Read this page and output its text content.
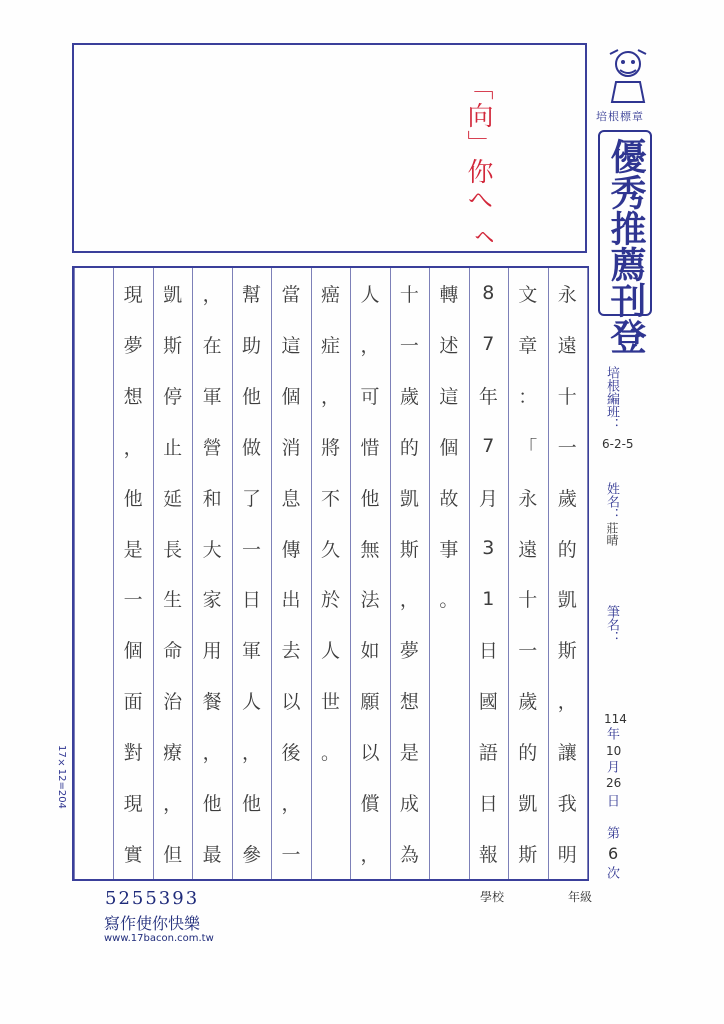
「向」你へ ㇸ
永
遠
十
一
歲
的
凱
斯
，
讓
我
明
文
章
：
「
永
遠
十
一
歲
的
凱
斯
8
7
年
7
月
3
1
日
國
語
日
報
轉
述
這
個
故
事
。
十
一
歲
的
凱
斯
，
夢
想
是
成
為
人
，
可
惜
他
無
法
如
願
以
償
，
癌
症
，
將
不
久
於
人
世
。
當
這
個
消
息
傳
出
去
以
後
，
一
幫
助
他
做
了
一
日
軍
人
，
他
參
，
在
軍
營
和
大
家
用
餐
，
他
最
凱
斯
停
止
延
長
生
命
治
療
，
但
現
夢
想
，
他
是
一
個
面
對
現
實
培根標章
優秀推薦刊登
培根編班：
6-2-5
姓名：
莊晴
筆名：
114
年
10
月
26
日
第
6
次
17×12=204
5255393
寫作使你快樂
www.17bacon.com.tw
學校	年級
